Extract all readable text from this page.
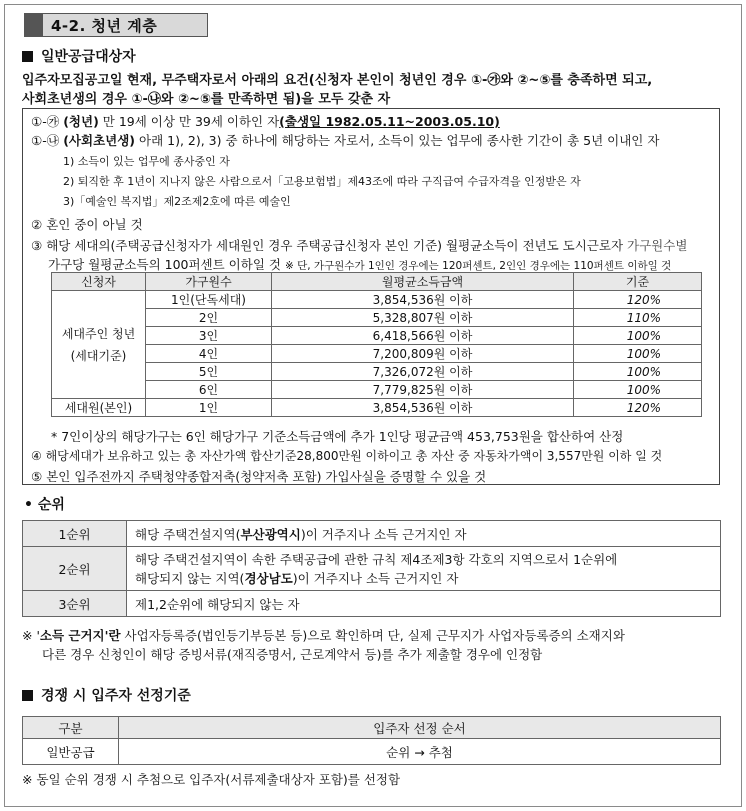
4-2. 청년 계층
일반공급대상자
입주자모집공고일 현재, 무주택자로서 아래의 요건(신청자 본인이 청년인 경우 ①-㉮와 ②~⑤를 충족하면 되고,
사회초년생의 경우 ①-㉯와 ②~⑤를 만족하면 됨)을 모두 갖춘 자
①-㉮ (청년) 만 19세 이상 만 39세 이하인 자(출생일 1982.05.11~2003.05.10)
①-㉯ (사회초년생) 아래 1), 2), 3) 중 하나에 해당하는 자로서, 소득이 있는 업무에 종사한 기간이 총 5년 이내인 자
1) 소득이 있는 업무에 종사중인 자
2) 퇴직한 후 1년이 지나지 않은 사람으로서「고용보험법」제43조에 따라 구직급여 수급자격을 인정받은 자
3)「예술인 복지법」제2조제2호에 따른 예술인
② 혼인 중이 아닐 것
③ 해당 세대의(주택공급신청자가 세대원인 경우 주택공급신청자 본인 기준) 월평균소득이 전년도 도시근로자 가구원수별
가구당 월평균소득의 100퍼센트 이하일 것 ※ 단, 가구원수가 1인인 경우에는 120퍼센트, 2인인 경우에는 110퍼센트 이하일 것
신청자	가구원수	월평균소득금액	기준

세대주인 청년
(세대기준)	1인(단독세대)	3,854,536원 이하	120%
	2인	5,328,807원 이하	110%
	3인	6,418,566원 이하	100%
	4인	7,200,809원 이하	100%
	5인	7,326,072원 이하	100%
	6인	7,779,825원 이하	100%
세대원(본인)	1인	3,854,536원 이하	120%
* 7인이상의 해당가구는 6인 해당가구 기준소득금액에 추가 1인당 평균금액 453,753원을 합산하여 산정
④ 해당세대가 보유하고 있는 총 자산가액 합산기준28,800만원 이하이고 총 자산 중 자동차가액이 3,557만원 이하 일 것
⑤ 본인 입주전까지 주택청약종합저축(청약저축 포함) 가입사실을 증명할 수 있을 것
• 순위
1순위	해당 주택건설지역(부산광역시)이 거주지나 소득 근거지인 자
2순위	해당 주택건설지역이 속한 주택공급에 관한 규칙 제4조제3항 각호의 지역으로서 1순위에
해당되지 않는 지역(경상남도)이 거주지나 소득 근거지인 자

3순위	제1,2순위에 해당되지 않는 자
※ '소득 근거지'란 사업자등록증(법인등기부등본 등)으로 확인하며 단, 실제 근무지가 사업자등록증의 소재지와
다른 경우 신청인이 해당 증빙서류(재직증명서, 근로계약서 등)를 추가 제출할 경우에 인정함
경쟁 시 입주자 선정기준
구분	입주자 선정 순서
일반공급	순위 → 추첨
※ 동일 순위 경쟁 시 추첨으로 입주자(서류제출대상자 포함)를 선정함
